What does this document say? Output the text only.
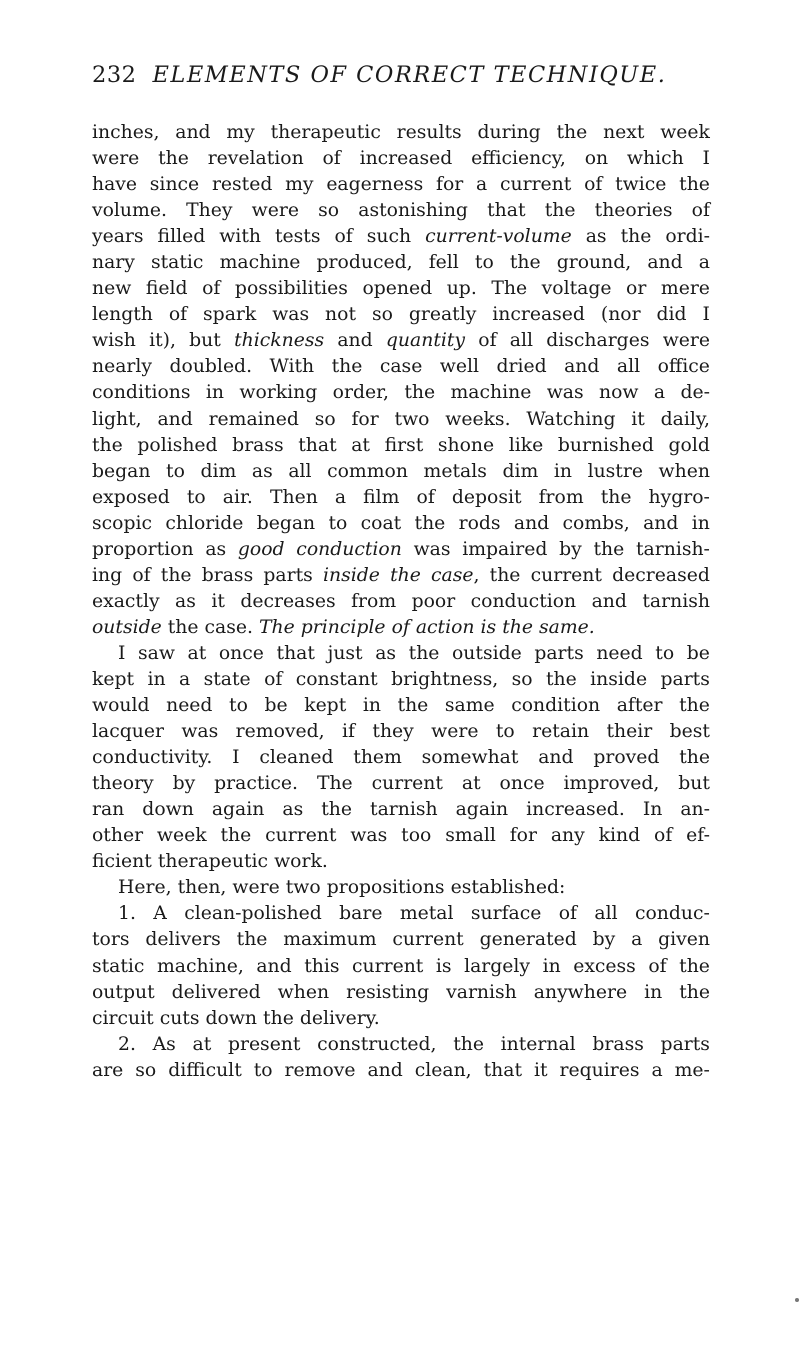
232 ELEMENTS OF CORRECT TECHNIQUE.
inches, and my therapeutic results during the next week
were the revelation of increased efficiency, on which I
have since rested my eagerness for a current of twice the
volume. They were so astonishing that the theories of
years filled with tests of such current-volume as the ordi-
nary static machine produced, fell to the ground, and a
new field of possibilities opened up. The voltage or mere
length of spark was not so greatly increased (nor did I
wish it), but thickness and quantity of all discharges were
nearly doubled. With the case well dried and all office
conditions in working order, the machine was now a de-
light, and remained so for two weeks. Watching it daily,
the polished brass that at first shone like burnished gold
began to dim as all common metals dim in lustre when
exposed to air. Then a film of deposit from the hygro-
scopic chloride began to coat the rods and combs, and in
proportion as good conduction was impaired by the tarnish-
ing of the brass parts inside the case, the current decreased
exactly as it decreases from poor conduction and tarnish
outside the case. The principle of action is the same.
I saw at once that just as the outside parts need to be
kept in a state of constant brightness, so the inside parts
would need to be kept in the same condition after the
lacquer was removed, if they were to retain their best
conductivity. I cleaned them somewhat and proved the
theory by practice. The current at once improved, but
ran down again as the tarnish again increased. In an-
other week the current was too small for any kind of ef-
ficient therapeutic work.
Here, then, were two propositions established:
1. A clean-polished bare metal surface of all conduc-
tors delivers the maximum current generated by a given
static machine, and this current is largely in excess of the
output delivered when resisting varnish anywhere in the
circuit cuts down the delivery.
2. As at present constructed, the internal brass parts
are so difficult to remove and clean, that it requires a me-
